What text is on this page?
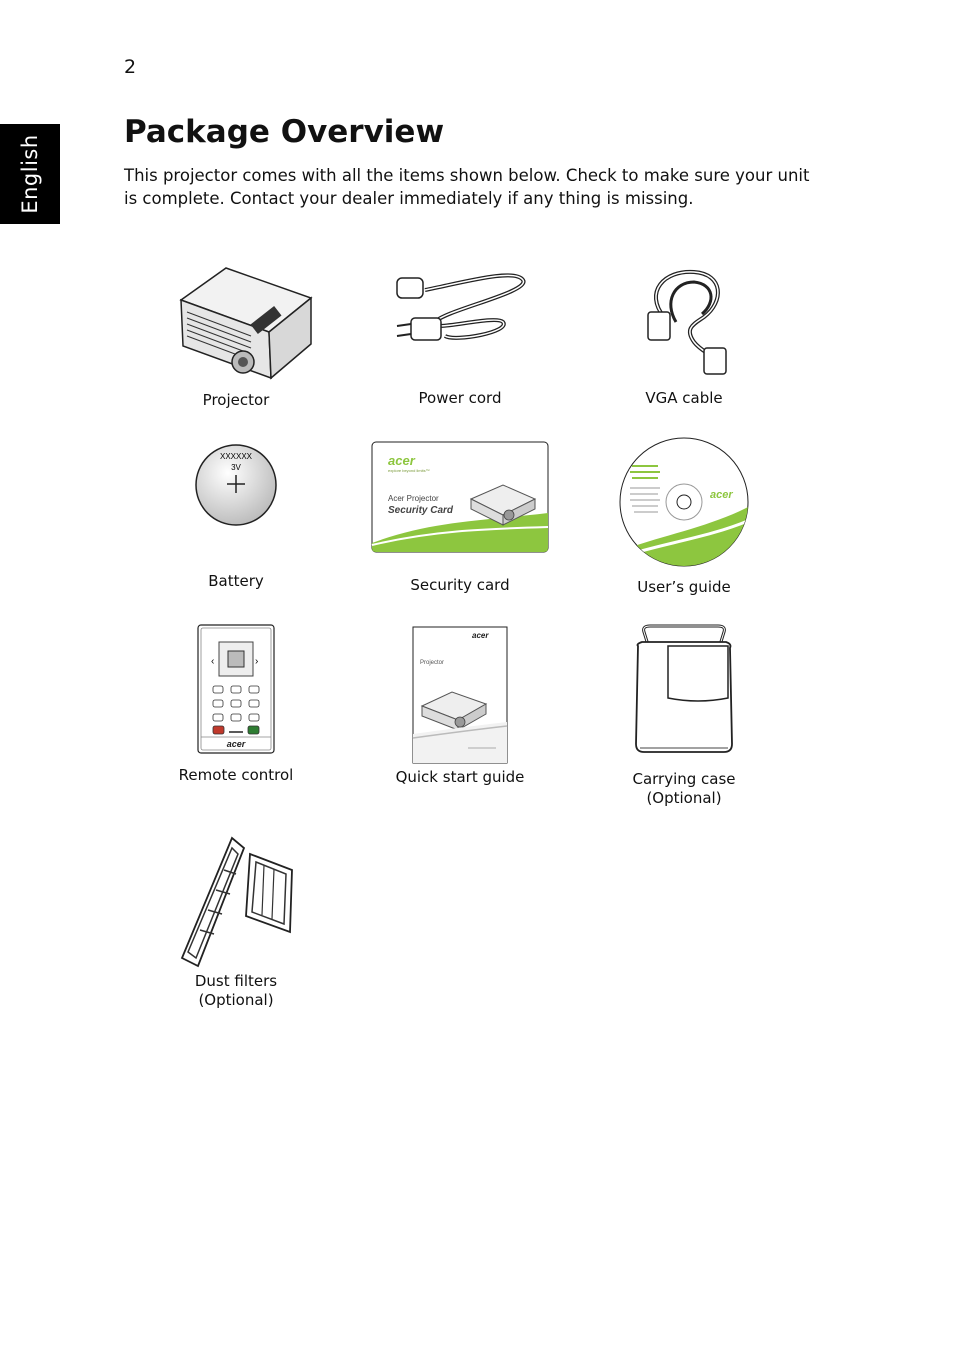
2
English
Package Overview

This projector comes with all the items shown below. Check to make sure your unit is complete. Contact your dealer immediately if any thing is missing.

Projector	Power cord	VGA cable
XXXXXX
3V
Battery
acer
explore beyond limits™
Acer Projector
Security Card
Security card
acer
User’s guide
‹	›
acer
Remote control
acer
Projector
Quick start guide	Carrying case
(Optional)
Dust filters
(Optional)
